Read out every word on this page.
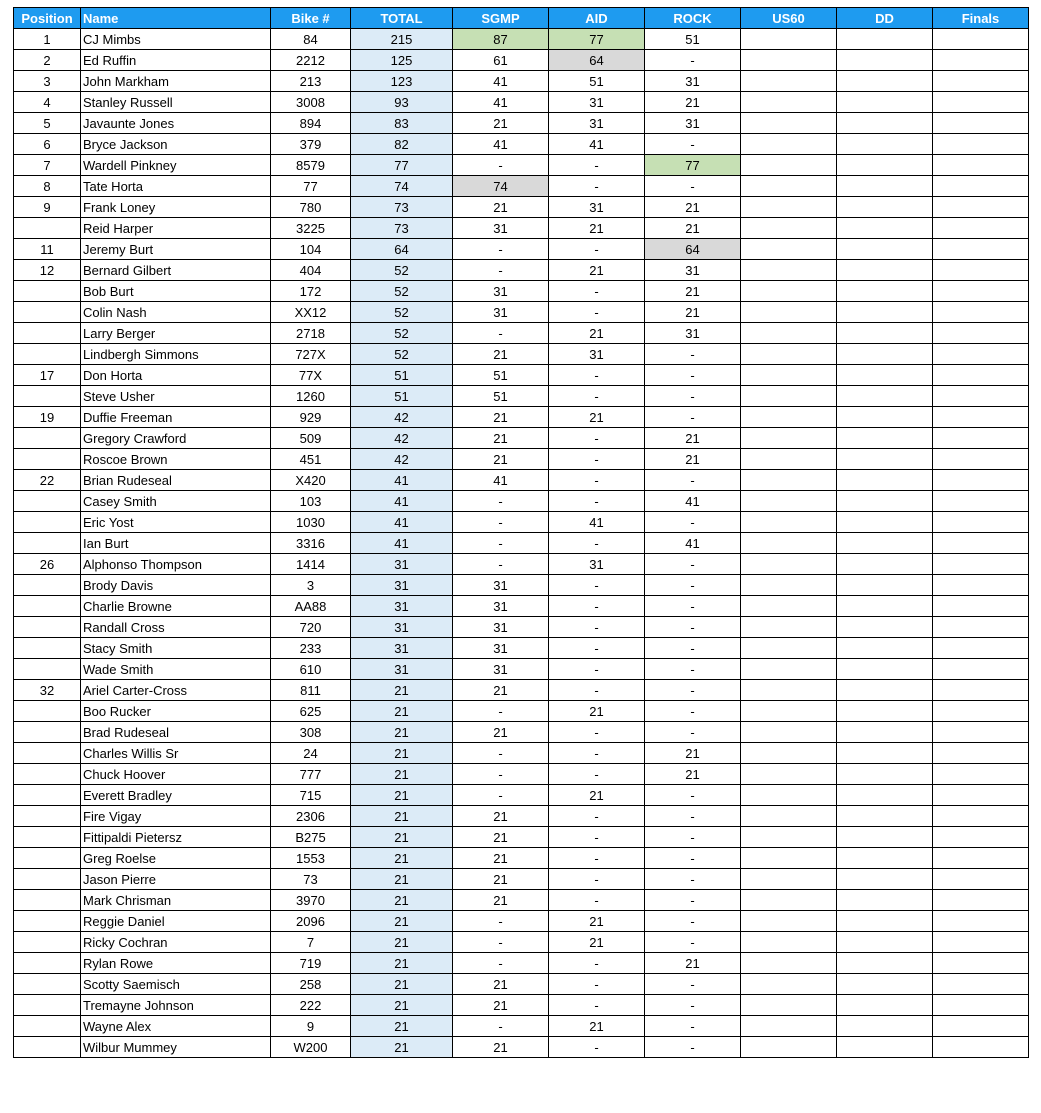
Position	Name	Bike #	TOTAL	SGMP	AID	ROCK	US60	DD	Finals
1	CJ Mimbs	84	215	87	77	51			
2	Ed Ruffin	2212	125	61	64	-			
3	John Markham	213	123	41	51	31			
4	Stanley Russell	3008	93	41	31	21			
5	Javaunte Jones	894	83	21	31	31			
6	Bryce Jackson	379	82	41	41	-			
7	Wardell Pinkney	8579	77	-	-	77			
8	Tate Horta	77	74	74	-	-			
9	Frank Loney	780	73	21	31	21			
	Reid Harper	3225	73	31	21	21			
11	Jeremy Burt	104	64	-	-	64			
12	Bernard Gilbert	404	52	-	21	31			
	Bob Burt	172	52	31	-	21			
	Colin Nash	XX12	52	31	-	21			
	Larry Berger	2718	52	-	21	31			
	Lindbergh Simmons	727X	52	21	31	-			
17	Don Horta	77X	51	51	-	-			
	Steve Usher	1260	51	51	-	-			
19	Duffie Freeman	929	42	21	21	-			
	Gregory Crawford	509	42	21	-	21			
	Roscoe Brown	451	42	21	-	21			
22	Brian Rudeseal	X420	41	41	-	-			
	Casey Smith	103	41	-	-	41			
	Eric Yost	1030	41	-	41	-			
	Ian Burt	3316	41	-	-	41			
26	Alphonso Thompson	1414	31	-	31	-			
	Brody Davis	3	31	31	-	-			
	Charlie Browne	AA88	31	31	-	-			
	Randall Cross	720	31	31	-	-			
	Stacy Smith	233	31	31	-	-			
	Wade Smith	610	31	31	-	-			
32	Ariel Carter-Cross	811	21	21	-	-			
	Boo Rucker	625	21	-	21	-			
	Brad Rudeseal	308	21	21	-	-			
	Charles Willis Sr	24	21	-	-	21			
	Chuck Hoover	777	21	-	-	21			
	Everett Bradley	715	21	-	21	-			
	Fire Vigay	2306	21	21	-	-			
	Fittipaldi Pietersz	B275	21	21	-	-			
	Greg Roelse	1553	21	21	-	-			
	Jason Pierre	73	21	21	-	-			
	Mark Chrisman	3970	21	21	-	-			
	Reggie Daniel	2096	21	-	21	-			
	Ricky Cochran	7	21	-	21	-			
	Rylan Rowe	719	21	-	-	21			
	Scotty Saemisch	258	21	21	-	-			
	Tremayne Johnson	222	21	21	-	-			
	Wayne Alex	9	21	-	21	-			
	Wilbur Mummey	W200	21	21	-	-			
